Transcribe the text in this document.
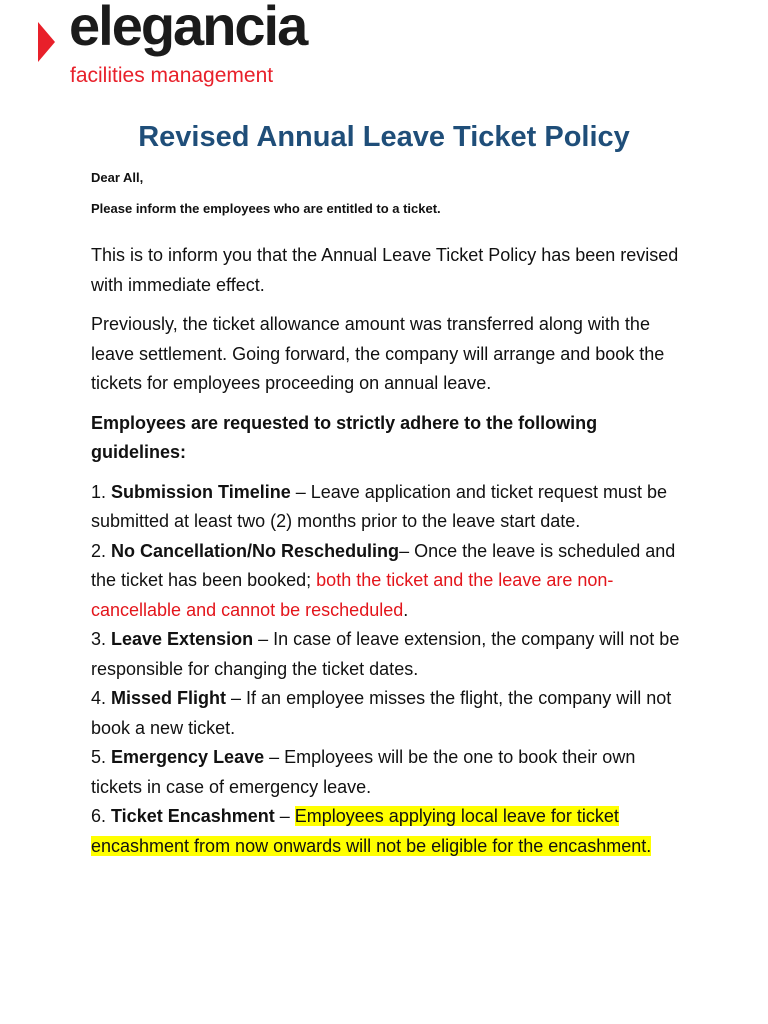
elegancia
facilities management
Revised Annual Leave Ticket Policy

Dear All,

Please inform the employees who are entitled to a ticket.

This is to inform you that the Annual Leave Ticket Policy has been revised with immediate effect.

Previously, the ticket allowance amount was transferred along with the leave settlement. Going forward, the company will arrange and book the tickets for employees proceeding on annual leave.

Employees are requested to strictly adhere to the following guidelines:

1. Submission Timeline – Leave application and ticket request must be submitted at least two (2) months prior to the leave start date.

2. No Cancellation/No Rescheduling– Once the leave is scheduled and the ticket has been booked; both the ticket and the leave are non-cancellable and cannot be rescheduled.

3. Leave Extension – In case of leave extension, the company will not be responsible for changing the ticket dates.

4. Missed Flight – If an employee misses the flight, the company will not book a new ticket.

5. Emergency Leave – Employees will be the one to book their own tickets in case of emergency leave.

6. Ticket Encashment – Employees applying local leave for ticket encashment from now onwards will not be eligible for the encashment.
